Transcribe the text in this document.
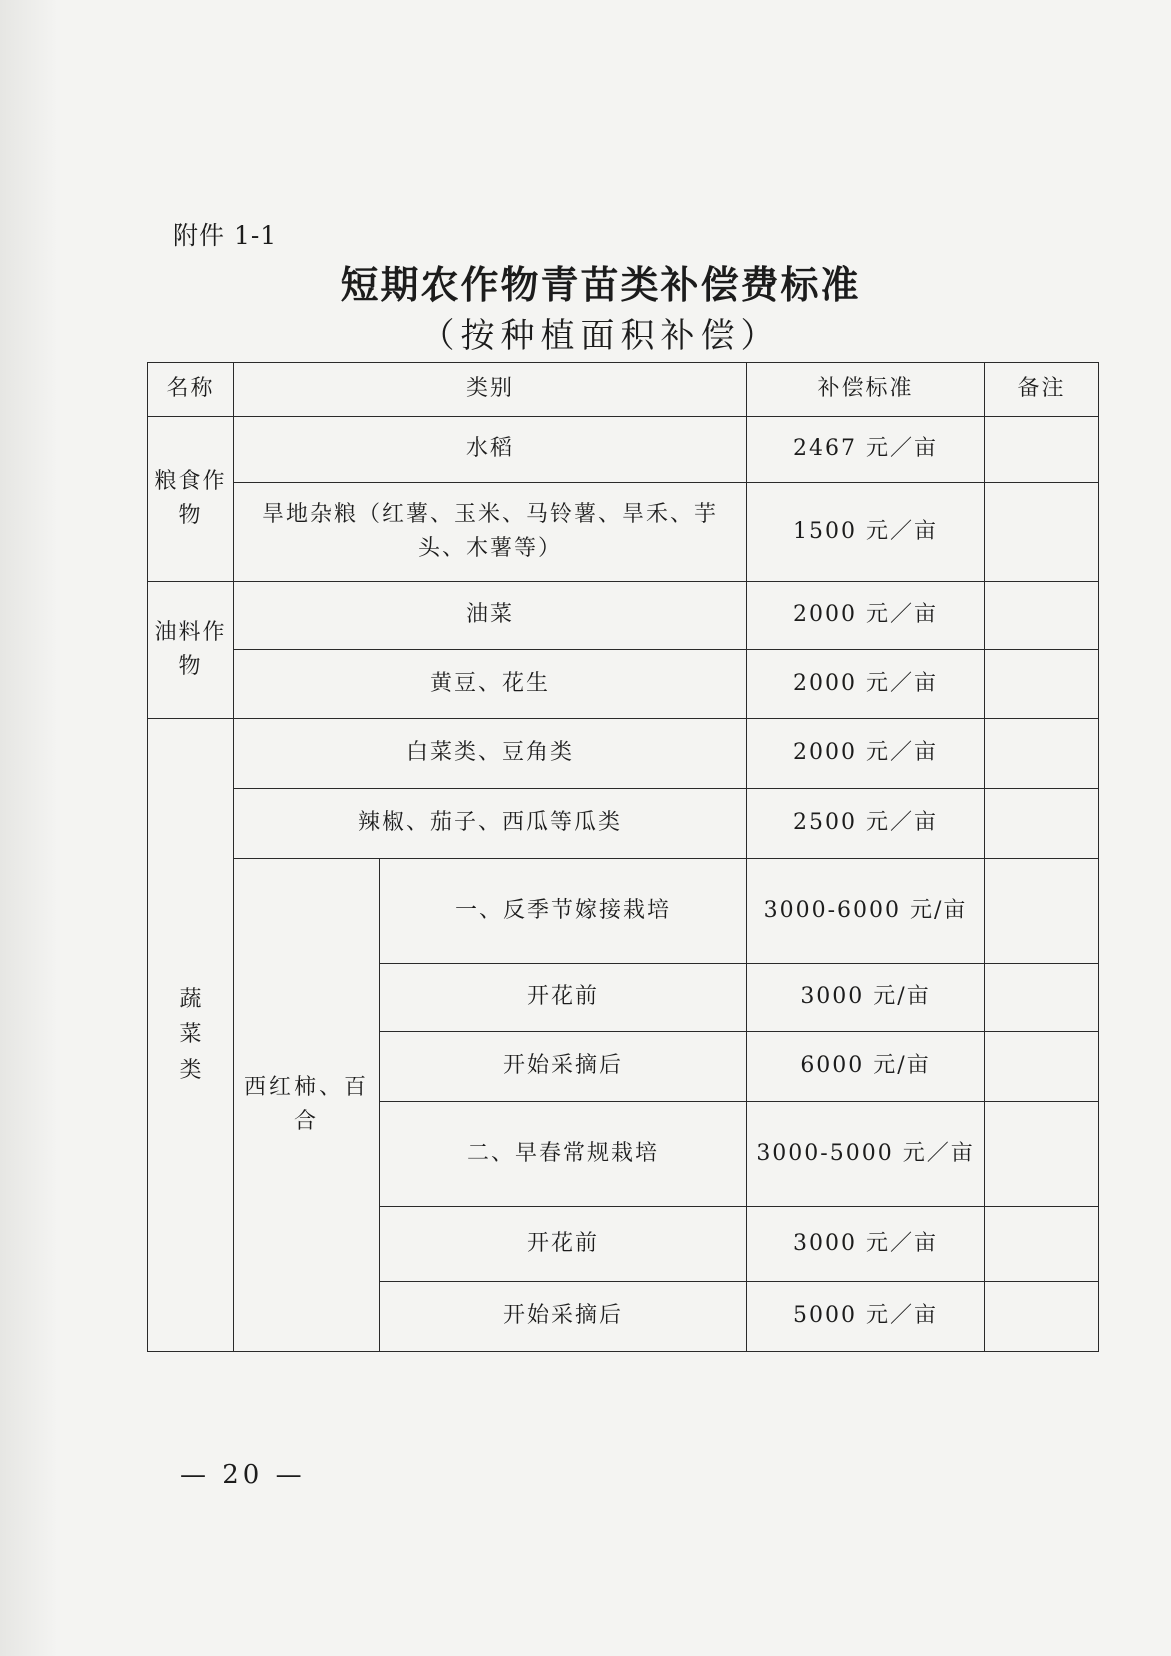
附件 1-1
短期农作物青苗类补偿费标准
（按种植面积补偿）
名称	类别		补偿标准	备注
粮食作物	水稻		2467 元／亩	
	旱地杂粮（红薯、玉米、马铃薯、旱禾、芋头、木薯等）		1500 元／亩	
油料作物	油菜		2000 元／亩	
	黄豆、花生		2000 元／亩	

蔬菜类	白菜类、豆角类		2000 元／亩	
	辣椒、茄子、西瓜等瓜类		2500 元／亩	
	西红柿、百合	一、反季节嫁接栽培	3000-6000 元/亩	
		开花前	3000 元/亩	
		开始采摘后	6000 元/亩	
		二、早春常规栽培	3000-5000 元／亩	
		开花前	3000 元／亩	
		开始采摘后	5000 元／亩	
— 20 —
